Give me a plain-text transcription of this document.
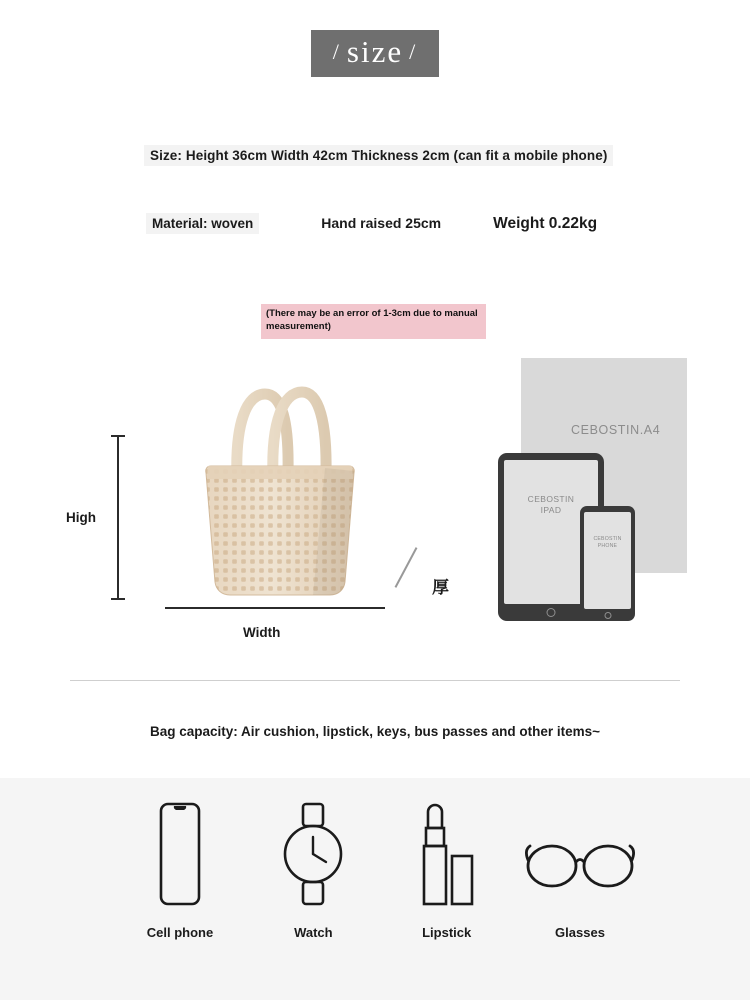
/ size /
Size: Height 36cm Width 42cm Thickness 2cm (can fit a mobile phone)
Material: woven	Hand raised 25cm	Weight 0.22kg
(There may be an error of 1-3cm due to manual measurement)
High
Width
厚
CEBOSTIN.A4
CEBOSTIN
IPAD
CEBOSTIN
PHONE
Bag capacity: Air cushion, lipstick, keys, bus passes and other items~
Cell phone	Watch	Lipstick	Glasses
